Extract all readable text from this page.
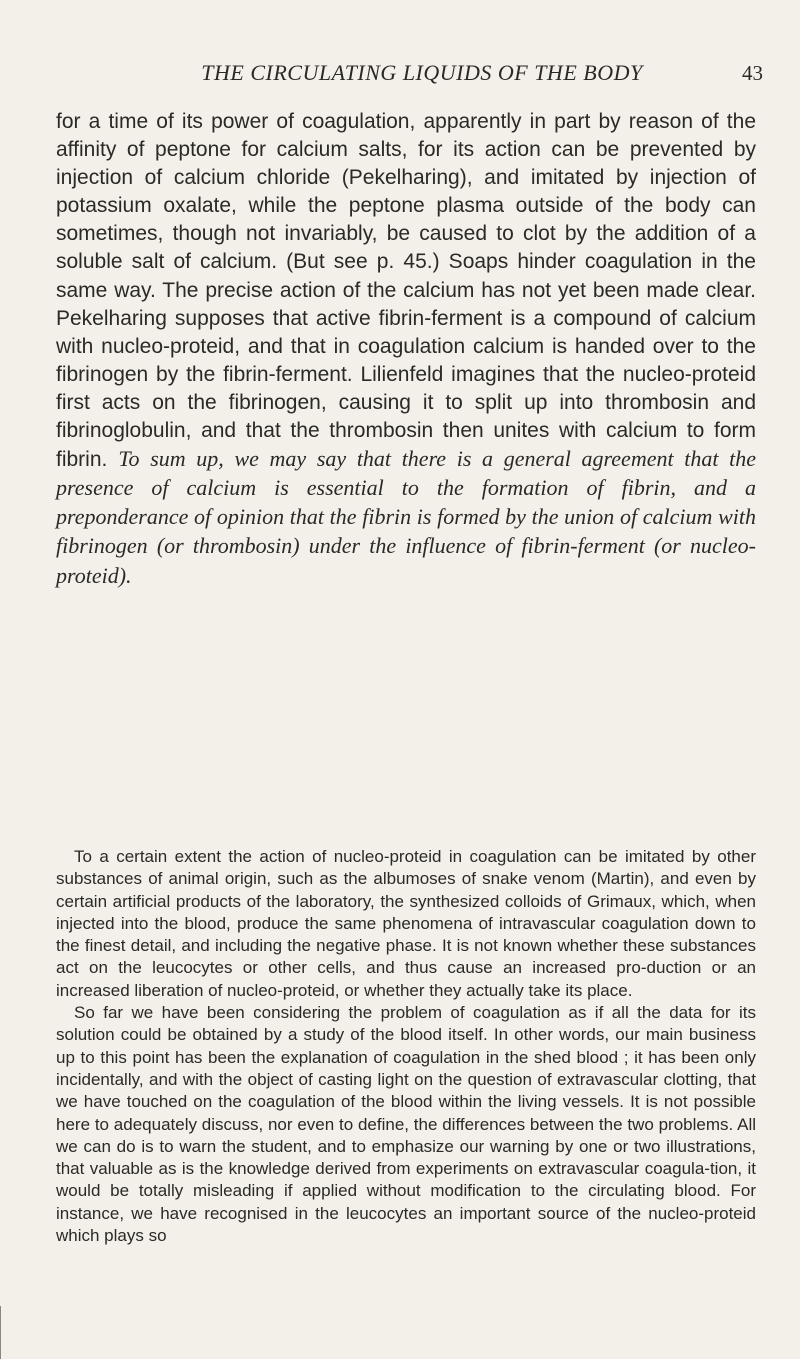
THE CIRCULATING LIQUIDS OF THE BODY	43

for a time of its power of coagulation, apparently in part by reason of the affinity of peptone for calcium salts, for its action can be prevented by injection of calcium chloride (Pekelharing), and imitated by injection of potassium oxalate, while the peptone plasma outside of the body can sometimes, though not invariably, be caused to clot by the addition of a soluble salt of calcium. (But see p. 45.) Soaps hinder coagulation in the same way. The precise action of the calcium has not yet been made clear. Pekelharing supposes that active fibrin-ferment is a compound of calcium with nucleo-proteid, and that in coagulation calcium is handed over to the fibrinogen by the fibrin-ferment. Lilienfeld imagines that the nucleo-proteid first acts on the fibrinogen, causing it to split up into thrombosin and fibrinoglobulin, and that the thrombosin then unites with calcium to form fibrin. To sum up, we may say that there is a general agreement that the presence of calcium is essential to the formation of fibrin, and a preponderance of opinion that the fibrin is formed by the union of calcium with fibrinogen (or thrombosin) under the influence of fibrin-ferment (or nucleo-proteid).

To a certain extent the action of nucleo-proteid in coagulation can be imitated by other substances of animal origin, such as the albumoses of snake venom (Martin), and even by certain artificial products of the laboratory, the synthesized colloids of Grimaux, which, when injected into the blood, produce the same phenomena of intravascular coagulation down to the finest detail, and including the negative phase. It is not known whether these substances act on the leucocytes or other cells, and thus cause an increased pro-duction or an increased liberation of nucleo-proteid, or whether they actually take its place.

So far we have been considering the problem of coagulation as if all the data for its solution could be obtained by a study of the blood itself. In other words, our main business up to this point has been the explanation of coagulation in the shed blood ; it has been only incidentally, and with the object of casting light on the question of extravascular clotting, that we have touched on the coagulation of the blood within the living vessels. It is not possible here to adequately discuss, nor even to define, the differences between the two problems. All we can do is to warn the student, and to emphasize our warning by one or two illustrations, that valuable as is the knowledge derived from experiments on extravascular coagula-tion, it would be totally misleading if applied without modification to the circulating blood. For instance, we have recognised in the leucocytes an important source of the nucleo-proteid which plays so
